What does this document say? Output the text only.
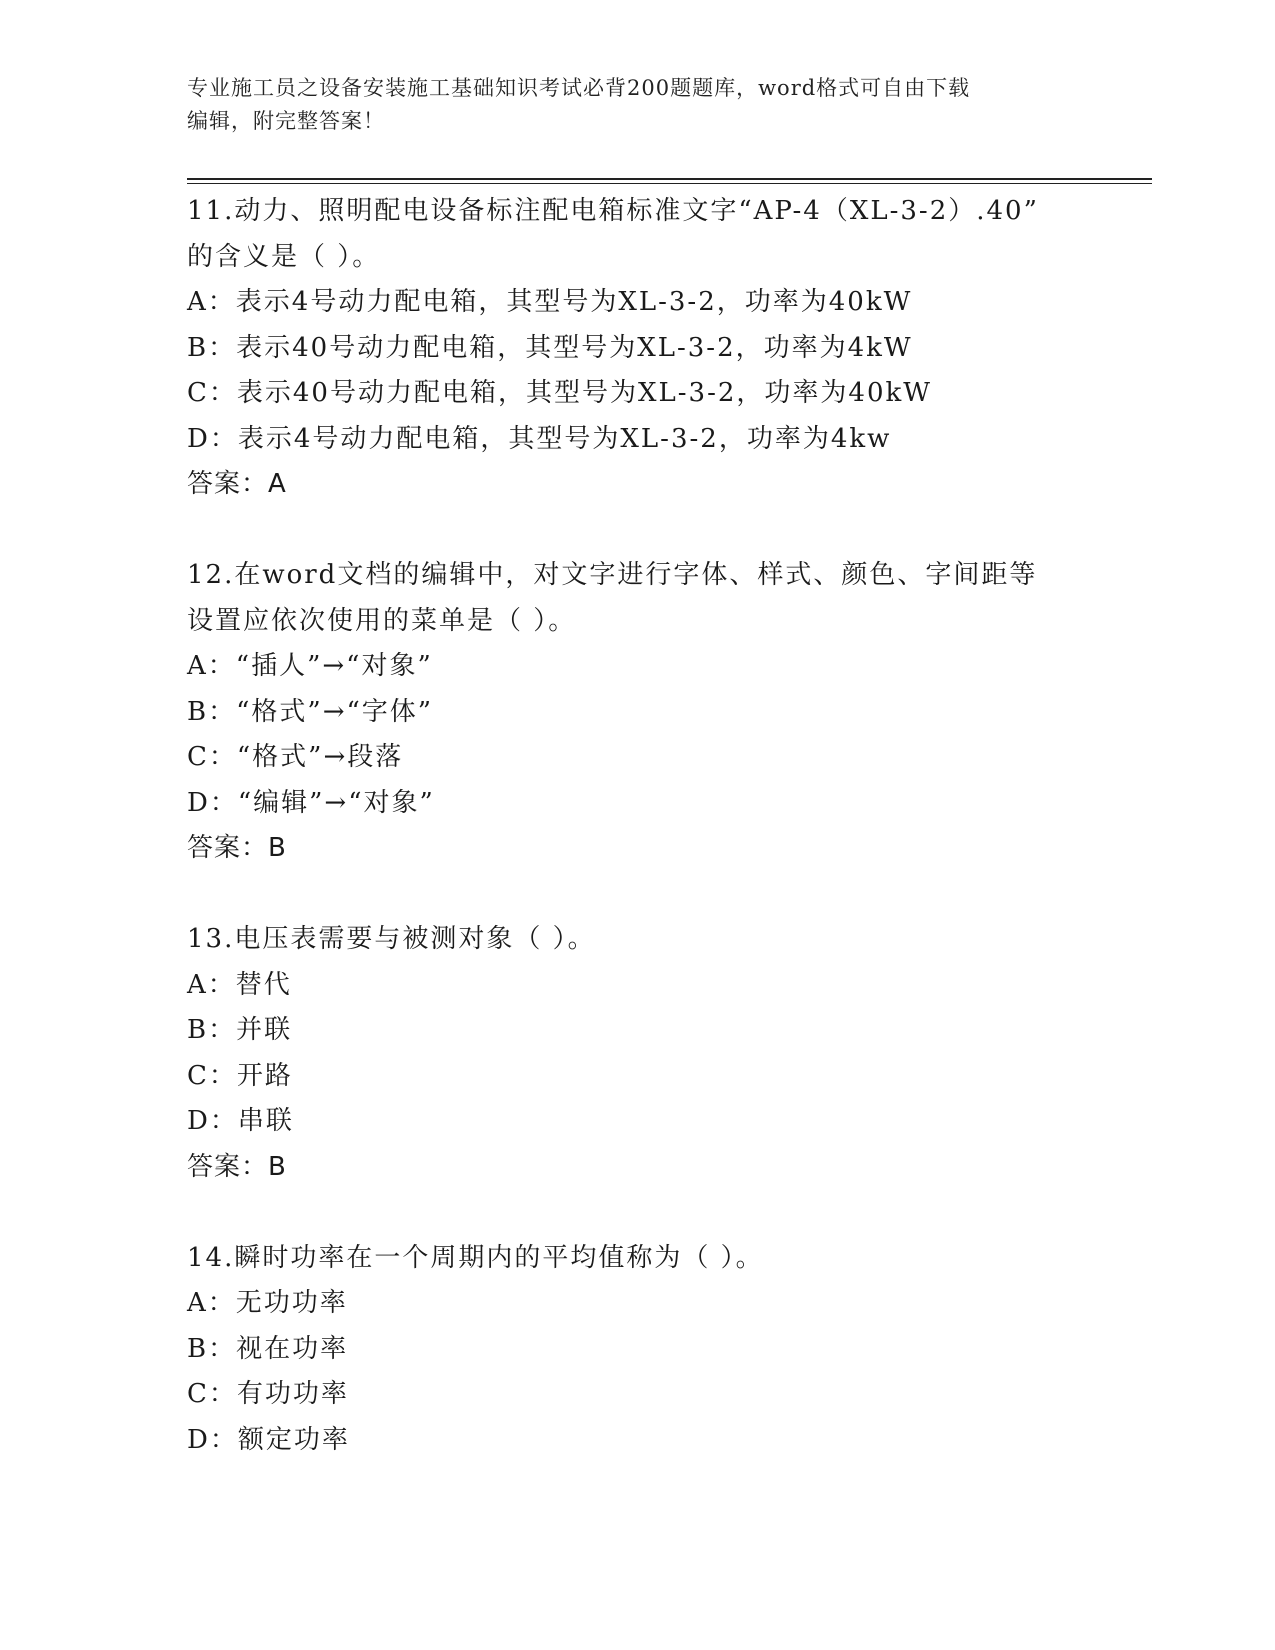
专业施工员之设备安装施工基础知识考试必背200题题库，word格式可自由下载
编辑，附完整答案！
11.动力、照明配电设备标注配电箱标准文字“AP-4（XL-3-2）.40”
的含义是（ ）。
A：表示4号动力配电箱，其型号为XL-3-2，功率为40kW
B：表示40号动力配电箱，其型号为XL-3-2，功率为4kW
C：表示40号动力配电箱，其型号为XL-3-2，功率为40kW
D：表示4号动力配电箱，其型号为XL-3-2，功率为4kw
答案：A
12.在word文档的编辑中，对文字进行字体、样式、颜色、字间距等
设置应依次使用的菜单是（ ）。
A：“插人”→“对象”
B：“格式”→“字体”
C：“格式”→段落
D：“编辑”→“对象”
答案：B
13.电压表需要与被测对象（ ）。
A：替代
B：并联
C：开路
D：串联
答案：B
14.瞬时功率在一个周期内的平均值称为（ ）。
A：无功功率
B：视在功率
C：有功功率
D：额定功率
